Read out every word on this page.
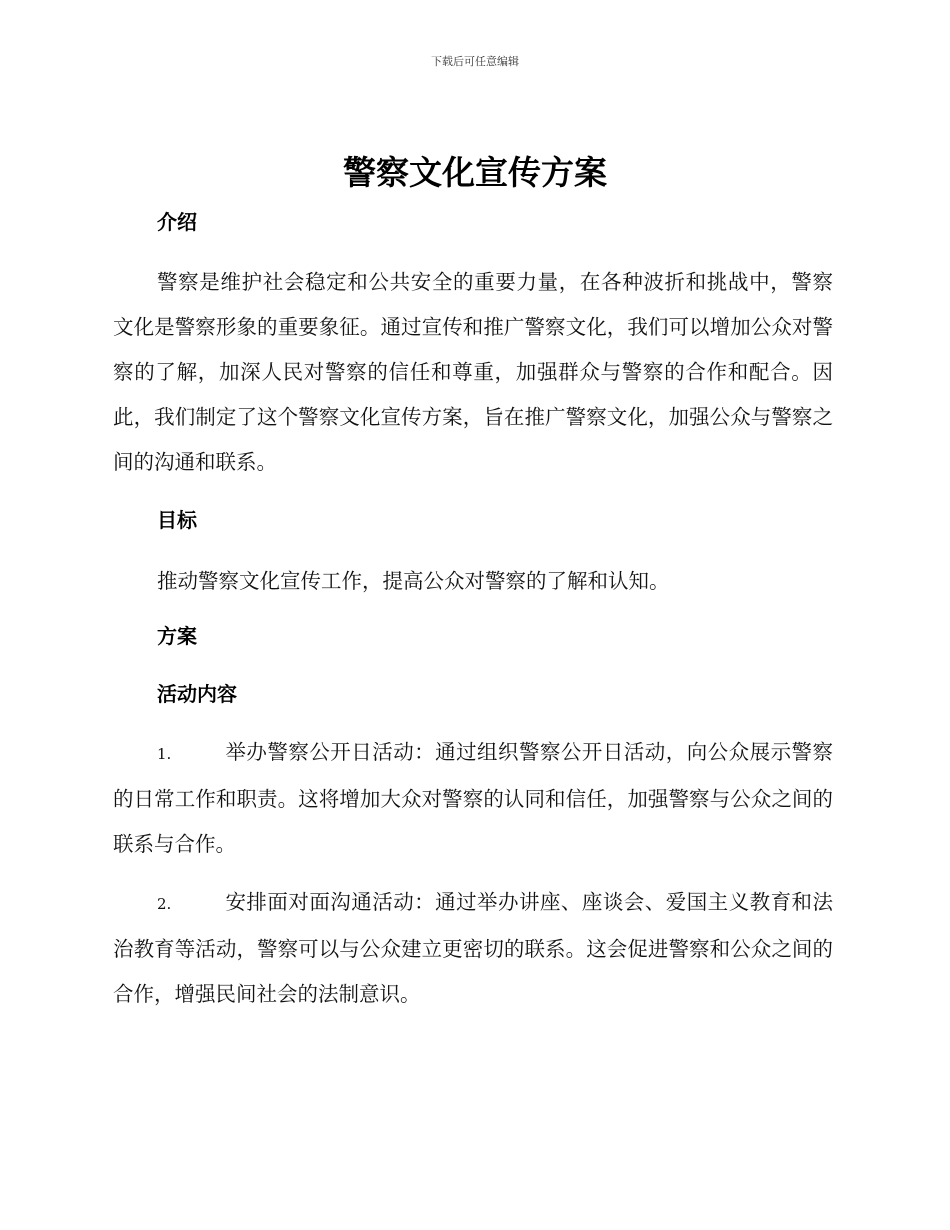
下载后可任意编辑
警察文化宣传方案
介绍

警察是维护社会稳定和公共安全的重要力量，在各种波折和挑战中，警察文化是警察形象的重要象征。通过宣传和推广警察文化，我们可以增加公众对警察的了解，加深人民对警察的信任和尊重，加强群众与警察的合作和配合。因此，我们制定了这个警察文化宣传方案，旨在推广警察文化，加强公众与警察之间的沟通和联系。

目标

推动警察文化宣传工作，提高公众对警察的了解和认知。

方案
活动内容

1.	举办警察公开日活动：通过组织警察公开日活动，向公众展示警察的日常工作和职责。这将增加大众对警察的认同和信任，加强警察与公众之间的联系与合作。

2.	安排面对面沟通活动：通过举办讲座、座谈会、爱国主义教育和法治教育等活动，警察可以与公众建立更密切的联系。这会促进警察和公众之间的合作，增强民间社会的法制意识。
